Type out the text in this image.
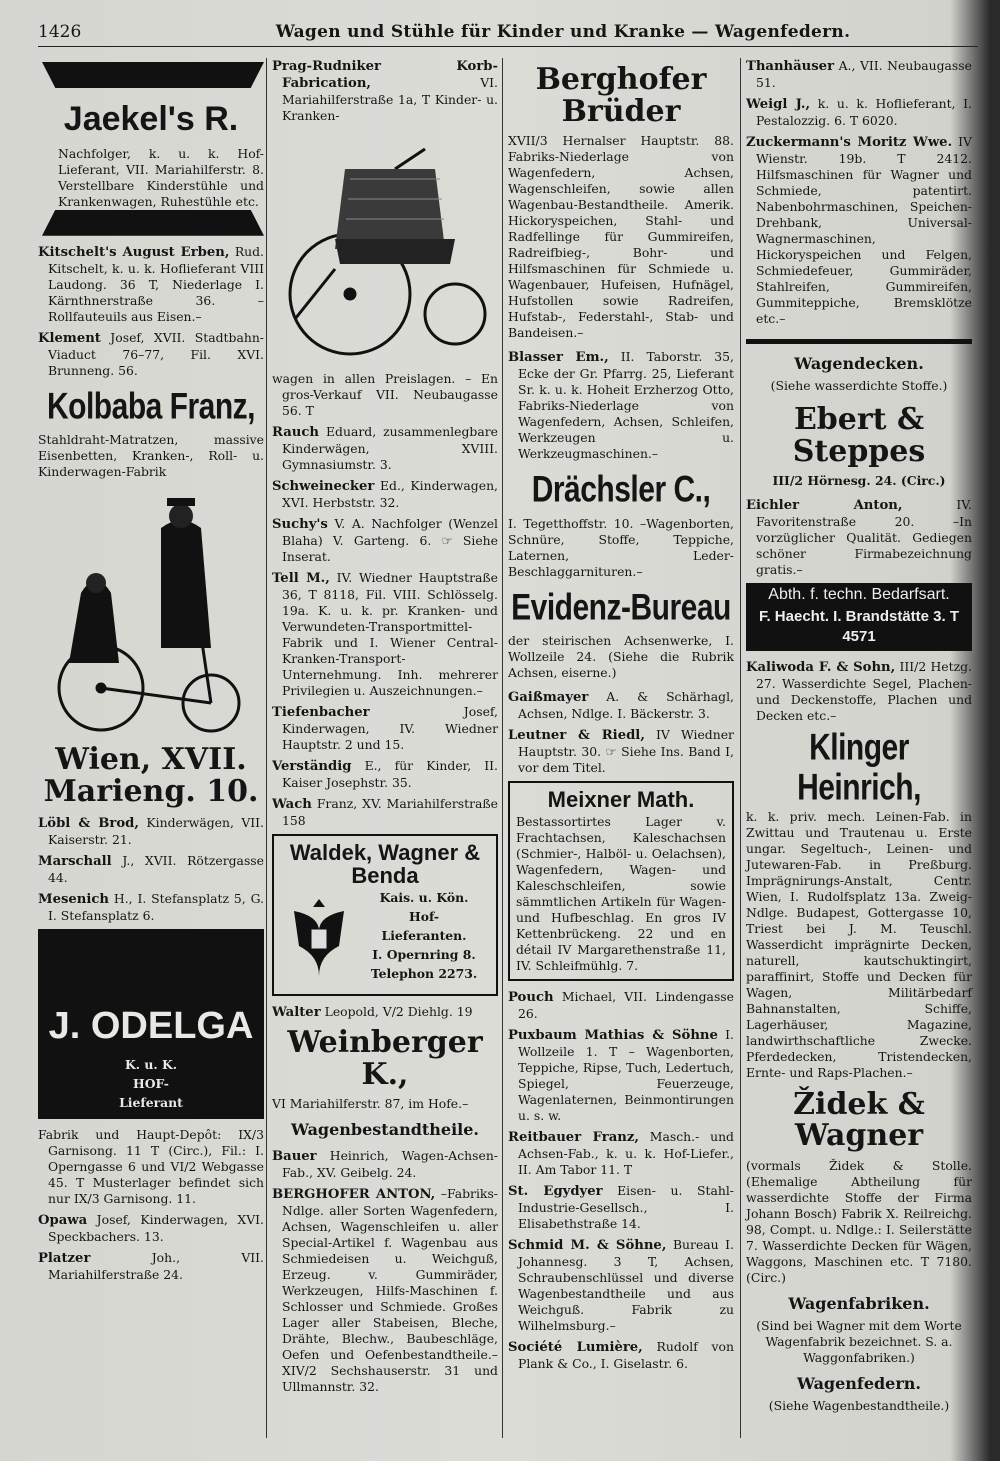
1426	Wagen und Stühle für Kinder und Kranke — Wagenfedern.
Jaekel's R.
Nachfolger, k. u. k. Hof-Lieferant, VII. Mariahilferstr. 8. Verstellbare Kinderstühle und Krankenwagen, Ruhestühle etc.

Kitschelt's August Erben, Rud. Kitschelt, k. u. k. Hoflieferant VIII Laudong. 36 T, Niederlage I. Kärnthnerstraße 36. – Rollfauteuils aus Eisen.–

Klement Josef, XVII. Stadtbahn-Viaduct 76–77, Fil. XVI. Brunneng. 56.

Kolbaba Franz,
Stahldraht-Matratzen, massive Eisenbetten, Kranken-, Roll- u. Kinderwagen-Fabrik
Wien, XVII. Marieng. 10.

Löbl & Brod, Kinderwägen, VII. Kaiserstr. 21.

Marschall J., XVII. Rötzergasse 44.

Mesenich H., I. Stefansplatz 5, G. I. Stefansplatz 6.

J. ODELGA
K. u. K.
HOF-
Lieferant

Fabrik und Haupt-Depôt: IX/3 Garnisong. 11 T (Circ.), Fil.: I. Operngasse 6 und VI/2 Webgasse 45. T Musterlager befindet sich nur IX/3 Garnisong. 11.

Opawa Josef, Kinderwagen, XVI. Speckbachers. 13.

Platzer	Joh., VII. Mariahilferstraße 24.

Prag-Rudniker Korb-Fabrication,	VI. Mariahilferstraße 1a, T Kinder- u. Kranken-

wagen in allen Preislagen. – En gros-Verkauf VII. Neubaugasse 56. T

Rauch Eduard, zusammenlegbare Kinderwägen, XVIII. Gymnasiumstr. 3.

Schweinecker Ed., Kinderwagen, XVI. Herbststr. 32.

Suchy's V. A. Nachfolger (Wenzel Blaha) V. Garteng. 6. ☞ Siehe Inserat.

Tell M., IV. Wiedner Hauptstraße 36, T 8118, Fil. VIII. Schlösselg. 19a. K. u. k. pr. Kranken- und Verwundeten-Transportmittel-Fabrik und I. Wiener Central-Kranken-Transport-Unternehmung. Inh. mehrerer Privilegien u. Auszeichnungen.–

Tiefenbacher	Josef, Kinderwagen, IV. Wiedner Hauptstr. 2 und 15.

Verständig E., für Kinder, II. Kaiser Josephstr. 35.

Wach Franz, XV. Mariahilferstraße 158

Waldek, Wagner & Benda
Kais. u. Kön.
Hof-
Lieferanten.
I. Opernring 8.
Telephon 2273.

Walter Leopold, V/2 Diehlg. 19

Weinberger K.,
VI Mariahilferstr. 87, im Hofe.–
Wagenbestandtheile.

Bauer Heinrich, Wagen-Achsen-Fab., XV. Geibelg. 24.

BERGHOFER ANTON, –Fabriks-Ndlge. aller Sorten Wagenfedern, Achsen, Wagenschleifen u. aller Special-Artikel f. Wagenbau aus Schmiedeisen u. Weichguß, Erzeug. v. Gummiräder, Werkzeugen, Hilfs-Maschinen f. Schlosser und Schmiede. Großes Lager aller Stabeisen, Bleche, Drähte, Blechw., Baubeschläge, Oefen und Oefenbestandtheile.– XIV/2 Sechshauserstr. 31 und Ullmannstr. 32.

Berghofer Brüder
XVII/3 Hernalser Hauptstr. 88. Fabriks-Niederlage von Wagenfedern, Achsen, Wagenschleifen, sowie allen Wagenbau-Bestandtheile. Amerik. Hickoryspeichen, Stahl- und Radfellinge für Gummireifen, Radreifbieg-, Bohr- und Hilfsmaschinen für Schmiede u. Wagenbauer, Hufeisen, Hufnägel, Hufstollen sowie Radreifen, Hufstab-, Federstahl-, Stab- und Bandeisen.–

Blasser Em., II. Taborstr. 35, Ecke der Gr. Pfarrg. 25, Lieferant Sr. k. u. k. Hoheit Erzherzog Otto, Fabriks-Niederlage von Wagenfedern, Achsen, Schleifen, Werkzeugen u. Werkzeugmaschinen.–

Drächsler C.,
I. Tegetthoffstr. 10. –Wagenborten, Schnüre, Stoffe, Teppiche, Laternen, Leder-Beschlaggarnituren.–
Evidenz-Bureau
der steirischen Achsenwerke, I. Wollzeile 24. (Siehe die Rubrik Achsen, eiserne.)

Gaißmayer A. & Schärhagl, Achsen, Ndlge. I. Bäckerstr. 3.

Leutner & Riedl, IV Wiedner Hauptstr. 30. ☞ Siehe Ins. Band I, vor dem Titel.

Meixner Math.
Bestassortirtes Lager v. Frachtachsen, Kaleschachsen (Schmier-, Halböl- u. Oelachsen), Wagenfedern, Wagen- und Kaleschschleifen, sowie sämmtlichen Artikeln für Wagen- und Hufbeschlag. En gros IV Kettenbrückeng. 22 und en détail IV Margarethenstraße 11, IV. Schleifmühlg. 7.

Pouch Michael, VII. Lindengasse 26.

Puxbaum Mathias & Söhne I. Wollzeile 1. T – Wagenborten, Teppiche, Ripse, Tuch, Ledertuch, Spiegel, Feuerzeuge, Wagenlaternen, Beinmontirungen u. s. w.

Reitbauer Franz, Masch.- und Achsen-Fab., k. u. k. Hof-Liefer., II. Am Tabor 11. T

St. Egydyer Eisen- u. Stahl-Industrie-Gesellsch., I. Elisabethstraße 14.

Schmid M. & Söhne, Bureau I. Johannesg. 3 T, Achsen, Schraubenschlüssel und diverse Wagenbestandtheile und aus Weichguß. Fabrik zu Wilhelmsburg.–

Société Lumière, Rudolf von Plank & Co., I. Giselastr. 6.

Thanhäuser A., VII. Neubaugasse 51.

Weigl J., k. u. k. Hoflieferant, I. Pestalozzig. 6. T 6020.

Zuckermann's Moritz Wwe. IV Wienstr. 19b. T 2412. Hilfsmaschinen für Wagner und Schmiede, patentirt. Nabenbohrmaschinen, Speichen-Drehbank, Universal-Wagnermaschinen, Hickoryspeichen und Felgen, Schmiedefeuer, Gummiräder, Stahlreifen, Gummireifen, Gummiteppiche, Bremsklötze etc.–

Wagendecken.
(Siehe wasserdichte Stoffe.)
Ebert & Steppes
III/2 Hörnesg. 24. (Circ.)

Eichler Anton,	IV. Favoritenstraße 20. –In vorzüglicher Qualität. Gediegen schöner Firmabezeichnung gratis.–

Abth. f. techn. Bedarfsart.
F. Haecht. I. Brandstätte 3. T 4571

Kaliwoda F. & Sohn, III/2 Hetzg. 27. Wasserdichte Segel, Plachen- und Deckenstoffe, Plachen und Decken etc.–

Klinger Heinrich,
k. k. priv. mech. Leinen-Fab. in Zwittau und Trautenau u. Erste ungar. Segeltuch-, Leinen- und Jutewaren-Fab. in Preßburg. Imprägnirungs-Anstalt, Centr. Wien, I. Rudolfsplatz 13a. Zweig-Ndlge. Budapest, Gottergasse 10, Triest bei J. M. Teuschl. Wasserdicht imprägnirte Decken, naturell, kautschuktingirt, paraffinirt, Stoffe und Decken für Wagen, Militärbedarf Bahnanstalten, Schiffe, Lagerhäuser, Magazine, landwirthschaftliche Zwecke. Pferdedecken, Tristendecken, Ernte- und Raps-Plachen.–
Židek & Wagner
(vormals Židek & Stolle. (Ehemalige Abtheilung für wasserdichte Stoffe der Firma Johann Bosch) Fabrik X. Reilreichg. 98, Compt. u. Ndlge.: I. Seilerstätte 7. Wasserdichte Decken für Wägen, Waggons, Maschinen etc. T 7180. (Circ.)
Wagenfabriken.
(Sind bei Wagner mit dem Worte Wagenfabrik bezeichnet. S. a. Waggonfabriken.)
Wagenfedern.
(Siehe Wagenbestandtheile.)
